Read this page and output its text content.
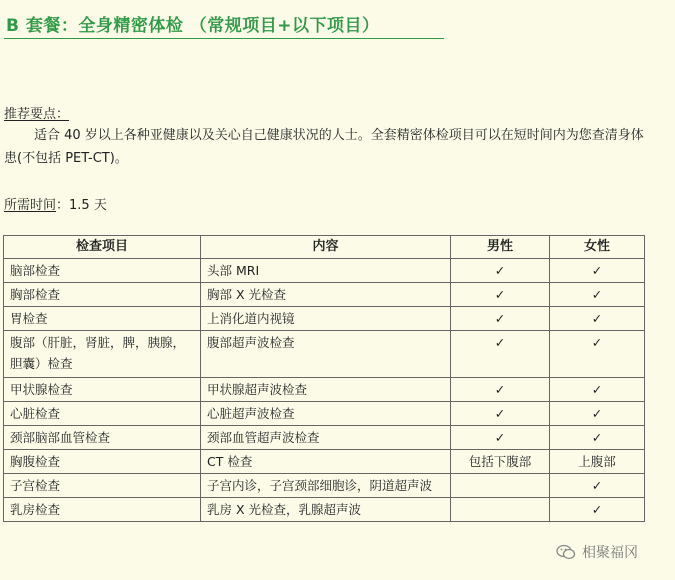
B 套餐：全身精密体检 （常规项目+以下项目）
推荐要点：
适合 40 岁以上各种亚健康以及关心自己健康状况的人士。全套精密体检项目可以在短时间内为您查清身体
患(不包括 PET-CT)。
所需时间：1.5 天
检查项目	内容	男性	女性
脑部检查	头部 MRI	✓	✓
胸部检查	胸部 X 光检查	✓	✓
胃检查	上消化道内视镜	✓	✓
腹部（肝脏，肾脏，脾，胰腺，胆囊）检查	腹部超声波检查	✓	✓
甲状腺检查	甲状腺超声波检查	✓	✓
心脏检查	心脏超声波检查	✓	✓
颈部脑部血管检查	颈部血管超声波检查	✓	✓
胸腹检查	CT 检查	包括下腹部	上腹部
子宫检查	子宫内诊，子宫颈部细胞诊，阴道超声波		✓
乳房检查	乳房 X 光检查，乳腺超声波		✓
相聚福冈
